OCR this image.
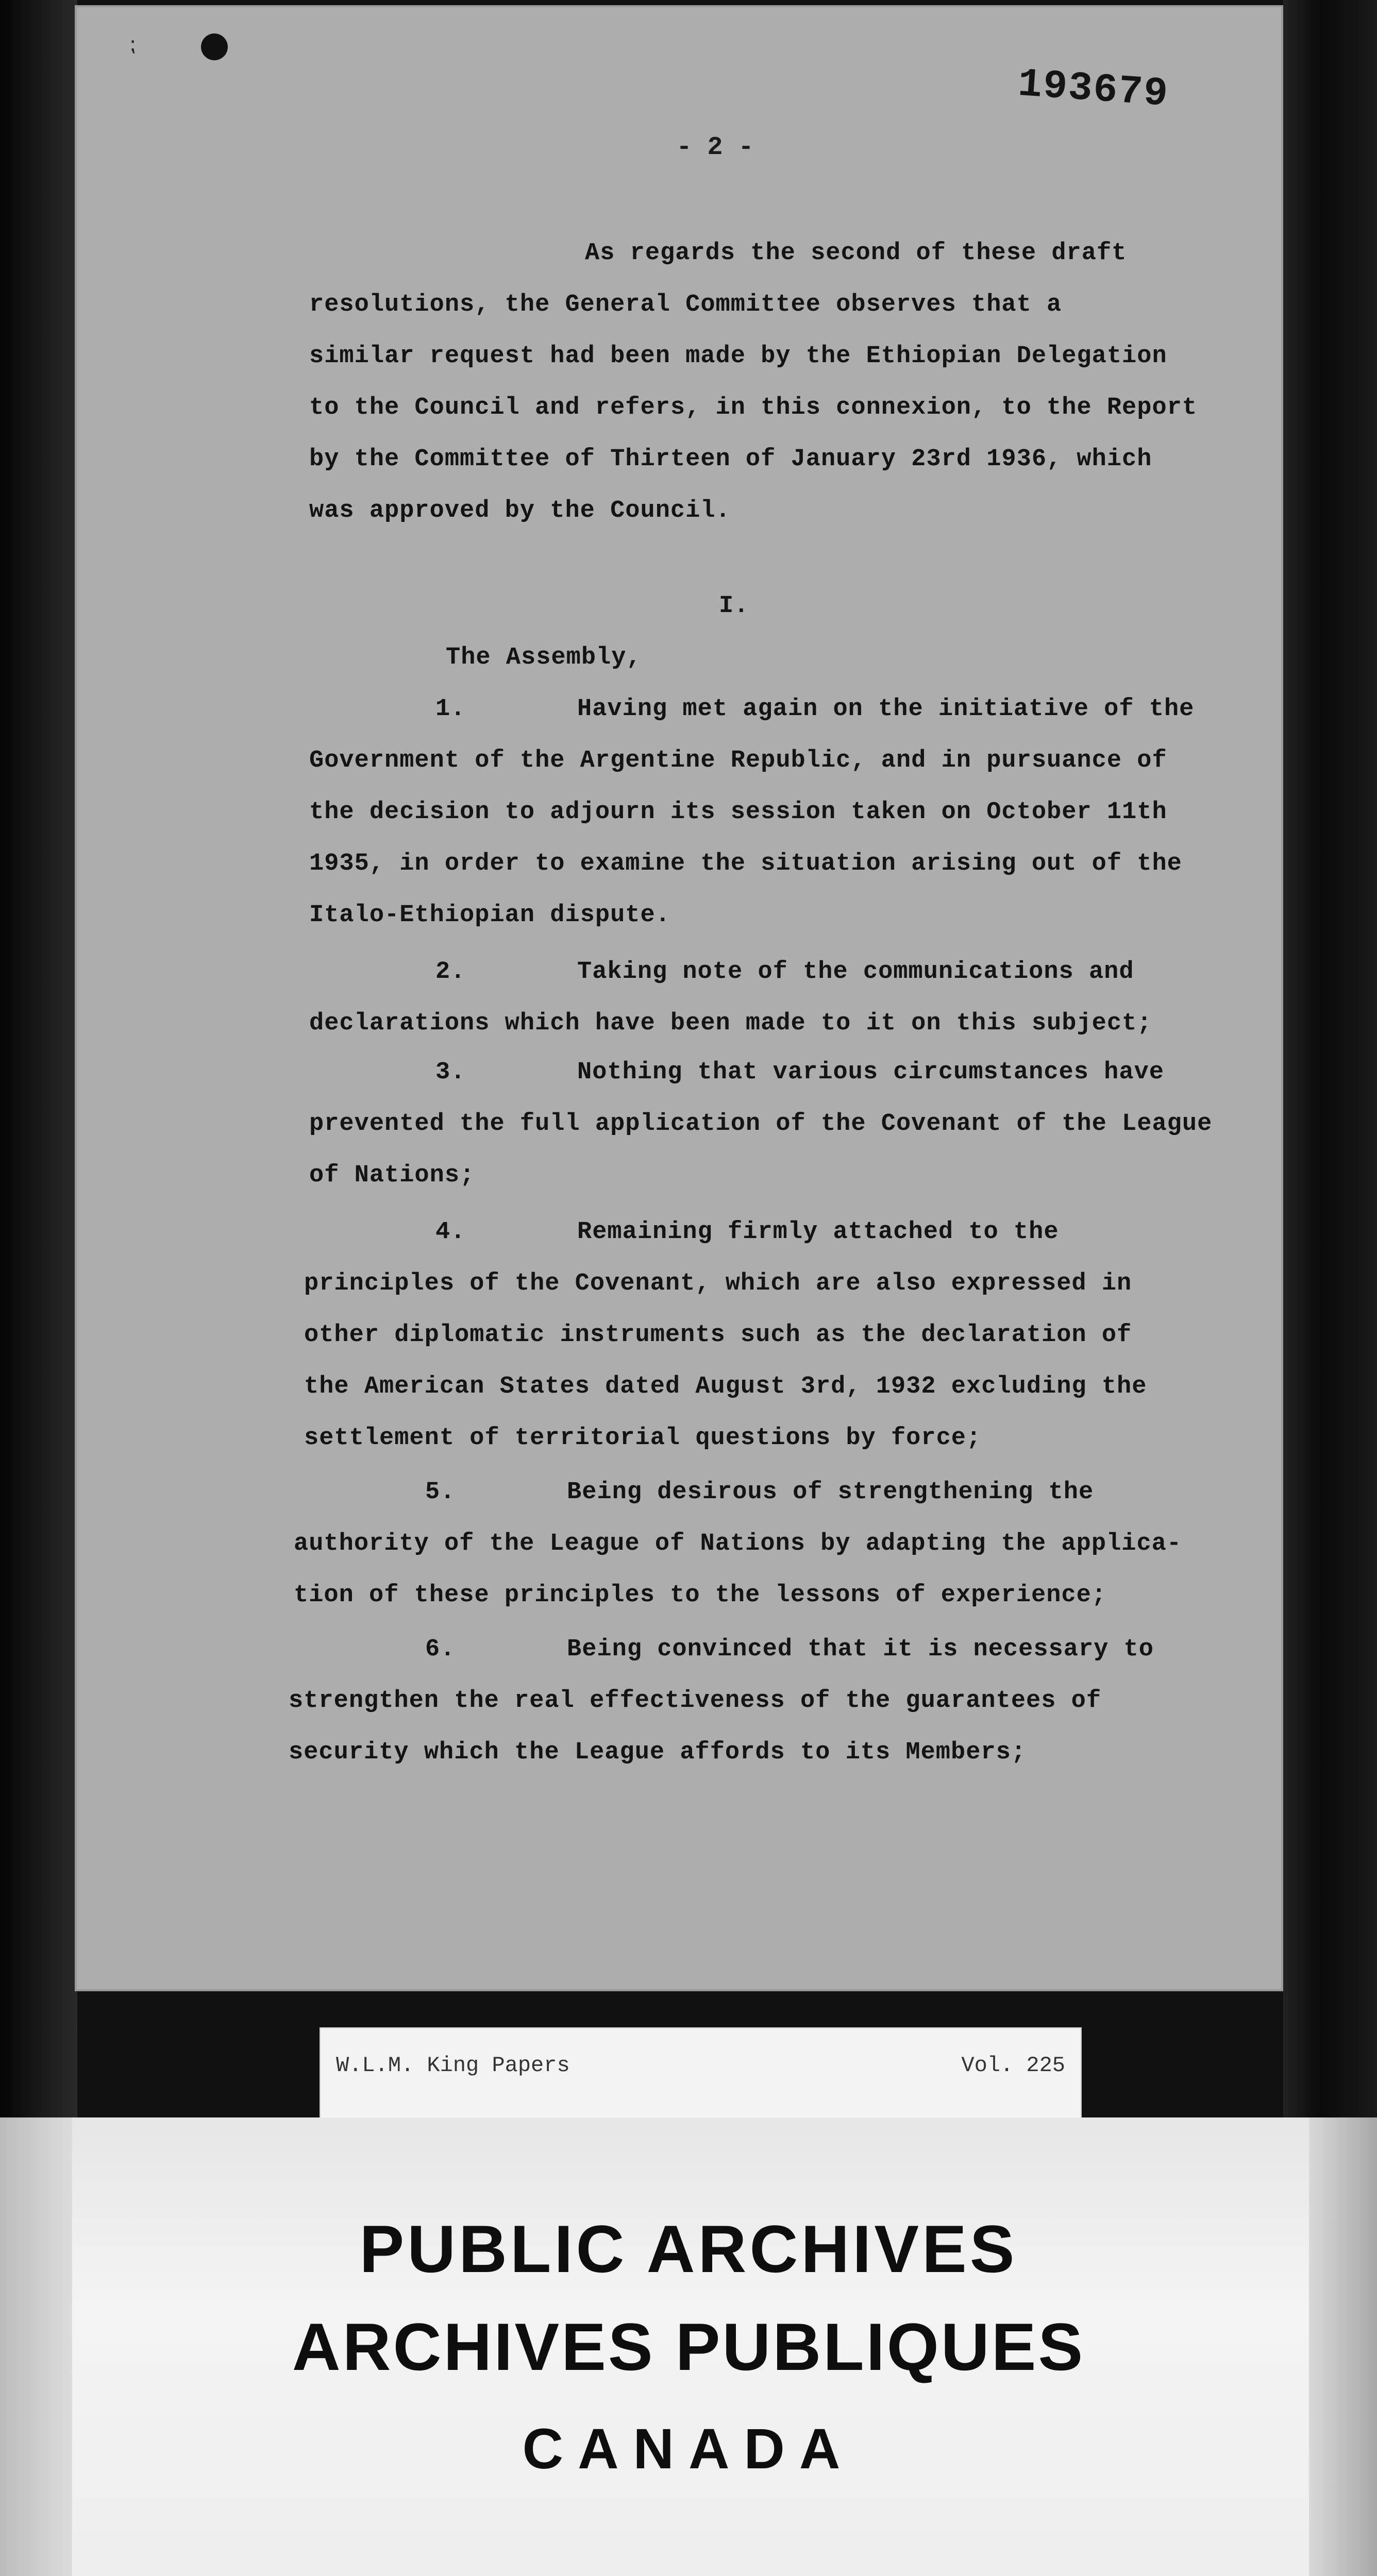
⁏
193679
- 2 -
As regards the second of these draft
resolutions, the General Committee observes that a
similar request had been made by the Ethiopian Delegation
to the Council and refers, in this connexion, to the Report
by the Committee of Thirteen of January 23rd 1936, which
was approved by the Council.
I.
The Assembly,
1.	Having met again on the initiative of the
Government of the Argentine Republic, and in pursuance of
the decision to adjourn its session taken on October 11th
1935, in order to examine the situation arising out of the
Italo-Ethiopian dispute.
2.	Taking note of the communications and
declarations which have been made to it on this subject;
3.	Nothing that various circumstances have
prevented the full application of the Covenant of the League
of Nations;
4.	Remaining firmly attached to the
principles of the Covenant, which are also expressed in
other diplomatic instruments such as the declaration of
the American States dated August 3rd, 1932 excluding the
settlement of territorial questions by force;
5.	Being desirous of strengthening the
authority of the League of Nations by adapting the applica-
tion of these principles to the lessons of experience;
6.	Being convinced that it is necessary to
strengthen the real effectiveness of the guarantees of
security which the League affords to its Members;
W.L.M. King Papers	Vol. 225
PUBLIC ARCHIVES
ARCHIVES PUBLIQUES
CANADA
